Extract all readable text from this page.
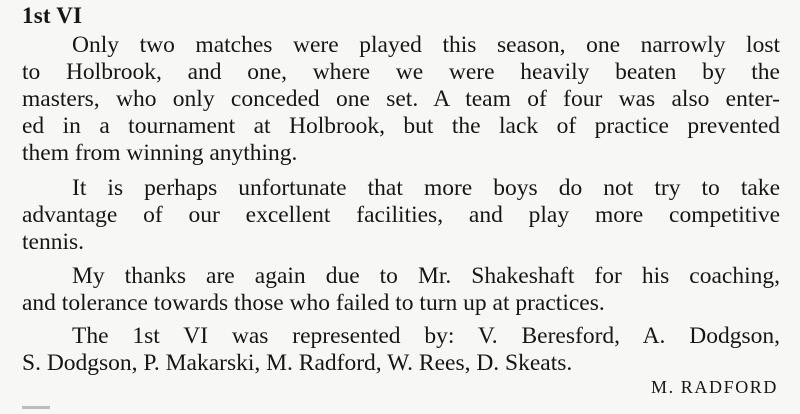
1st VI
Only two matches were played this season, one narrowly lost
to Holbrook, and one, where we were heavily beaten by the
masters, who only conceded one set. A team of four was also enter-
ed in a tournament at Holbrook, but the lack of practice prevented
them from winning anything.
It is perhaps unfortunate that more boys do not try to take
advantage of our excellent facilities, and play more competitive
tennis.
My thanks are again due to Mr. Shakeshaft for his coaching,
and tolerance towards those who failed to turn up at practices.
The 1st VI was represented by: V. Beresford, A. Dodgson,
S. Dodgson, P. Makarski, M. Radford, W. Rees, D. Skeats.
M. RADFORD
